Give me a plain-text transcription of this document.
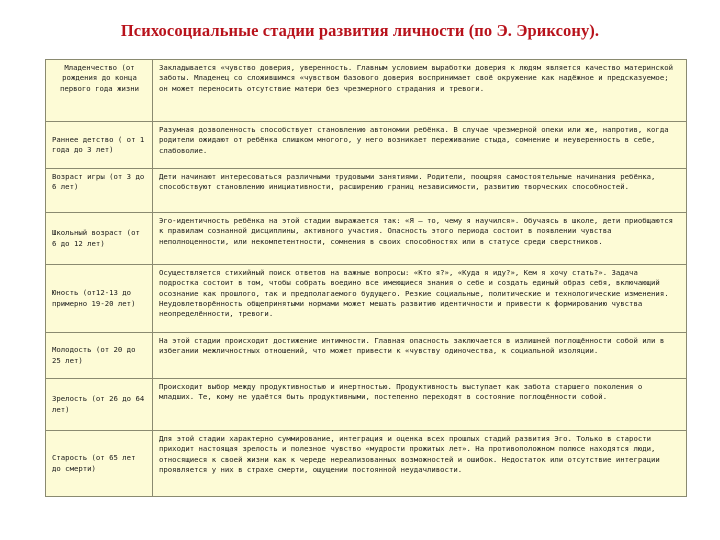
Психосоциальные стадии развития личности (по Э. Эриксону).
Младенчество (от рождения до конца первого года жизни	Закладывается «чувство доверия, уверенность. Главным условием выработки доверия к людям является качество материнской заботы. Младенец со сложившимся «чувством базового доверия воспринимает своё окружение как надёжное и предсказуемое; он может переносить отсутствие матери без чрезмерного страдания и тревоги.
Раннее детство ( от 1 года до 3 лет)	Разумная дозволенность способствует становлению автономии ребёнка. В случае чрезмерной опеки или же, напротив, когда родители ожидают от ребёнка слишком многого, у него возникает переживание стыда, сомнение и неуверенность в себе, слабоволие.
Возраст игры (от 3 до 6 лет)	Дети начинают интересоваться различными трудовыми занятиями. Родители, поощряя самостоятельные начинания ребёнка, способствуют становлению инициативности, расширению границ независимости, развитию творческих способностей.
Школьный возраст (от 6 до 12 лет)	Эго-идентичность ребёнка на этой стадии выражается так: «Я – то, чему я научился». Обучаясь в школе, дети приобщаются к правилам сознанной дисциплины, активного участия. Опасность этого периода состоит в появлении чувства неполноценности, или некомпетентности, сомнения в своих способностях или в статусе среди сверстников.
Юность (от12-13 до примерно 19-20 лет)	Осуществляется стихийный поиск ответов на важные вопросы: «Кто я?», «Куда я иду?», Кем я хочу стать?». Задача подростка состоит в том, чтобы собрать воедино все имеющиеся знания о себе и создать единый образ себя, включающий осознание как прошлого, так и предполагаемого будущего. Резкие социальные, политические и технологические изменения. Неудовлетворённость общепринятыми нормами может мешать развитию идентичности и привести к формированию чувства неопределённости, тревоги.
Молодость (от 20 до 25 лет)	На этой стадии происходит достижение интимности. Главная опасность заключается в излишней поглощённости собой или в избегании межличностных отношений, что может привести к «чувству одиночества, к социальной изоляции.
Зрелость (от 26 до 64 лет)	Происходит выбор между продуктивностью и инертностью. Продуктивность выступает как забота старшего поколения о младших. Те, кому не удаётся быть продуктивными, постепенно переходят в состояние поглощённости собой.
Старость (от 65 лет до смерти)	Для этой стадии характерно суммирование, интеграция и оценка всех прошлых стадий развития Эго. Только в старости приходит настоящая зрелость и полезное чувство «мудрости прожитых лет». На противоположном полюсе находятся люди, относящиеся к своей жизни как к череде нереализованных возможностей и ошибок. Недостаток или отсутствие интеграции проявляется у них в страхе смерти, ощущении постоянной неудачливости.
